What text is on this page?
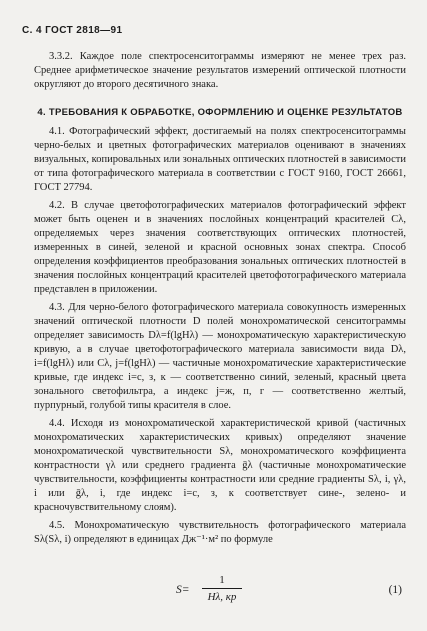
С. 4 ГОСТ 2818—91

3.3.2. Каждое поле спектросенситограммы измеряют не менее трех раз. Среднее арифметическое значение результатов измерений оптической плотности округляют до второго десятичного знака.

4. ТРЕБОВАНИЯ К ОБРАБОТКЕ, ОФОРМЛЕНИЮ И ОЦЕНКЕ РЕЗУЛЬТАТОВ

4.1. Фотографический эффект, достигаемый на полях спектросенситограммы черно-белых и цветных фотографических материалов оценивают в значениях визуальных, копировальных или зональных оптических плотностей в зависимости от типа фотографического материала в соответствии с ГОСТ 9160, ГОСТ 26661, ГОСТ 27794.

4.2. В случае цветофотографических материалов фотографический эффект может быть оценен и в значениях послойных концентраций красителей Cλ, определяемых через значения соответствующих оптических плотностей, измеренных в синей, зеленой и красной основных зонах спектра. Способ определения коэффициентов преобразования зональных оптических плотностей в значения послойных концентраций красителей цветофотографического материала представлен в приложении.

4.3. Для черно-белого фотографического материала совокупность измеренных значений оптической плотности D полей монохроматической сенситограммы определяет зависимость Dλ=f(lgHλ) — монохроматическую характеристическую кривую, а в случае цветофотографического материала зависимости вида Dλ, i=f(lgHλ) или Cλ, j=f(lgHλ) — частичные монохроматические характеристические кривые, где индекс i=с, з, к — соответственно синий, зеленый, красный цвета зонального светофильтра, а индекс j=ж, п, г — соответственно желтый, пурпурный, голубой типы красителя в слое.

4.4. Исходя из монохроматической характеристической кривой (частичных монохроматических характеристических кривых) определяют значение монохроматической чувствительности Sλ, монохроматического коэффициента контрастности γλ или среднего градиента ḡλ (частичные монохроматические чувствительности, коэффициенты контрастности или средние градиенты Sλ, i, γλ, i или ḡλ, i, где индекс i=с, з, к соответствует сине-, зелено- и красночувствительному слоям).

4.5. Монохроматическую чувствительность фотографического материала Sλ(Sλ, i) определяют в единицах Дж⁻¹·м² по формуле

S=
1
Hλ, кр
(1)
